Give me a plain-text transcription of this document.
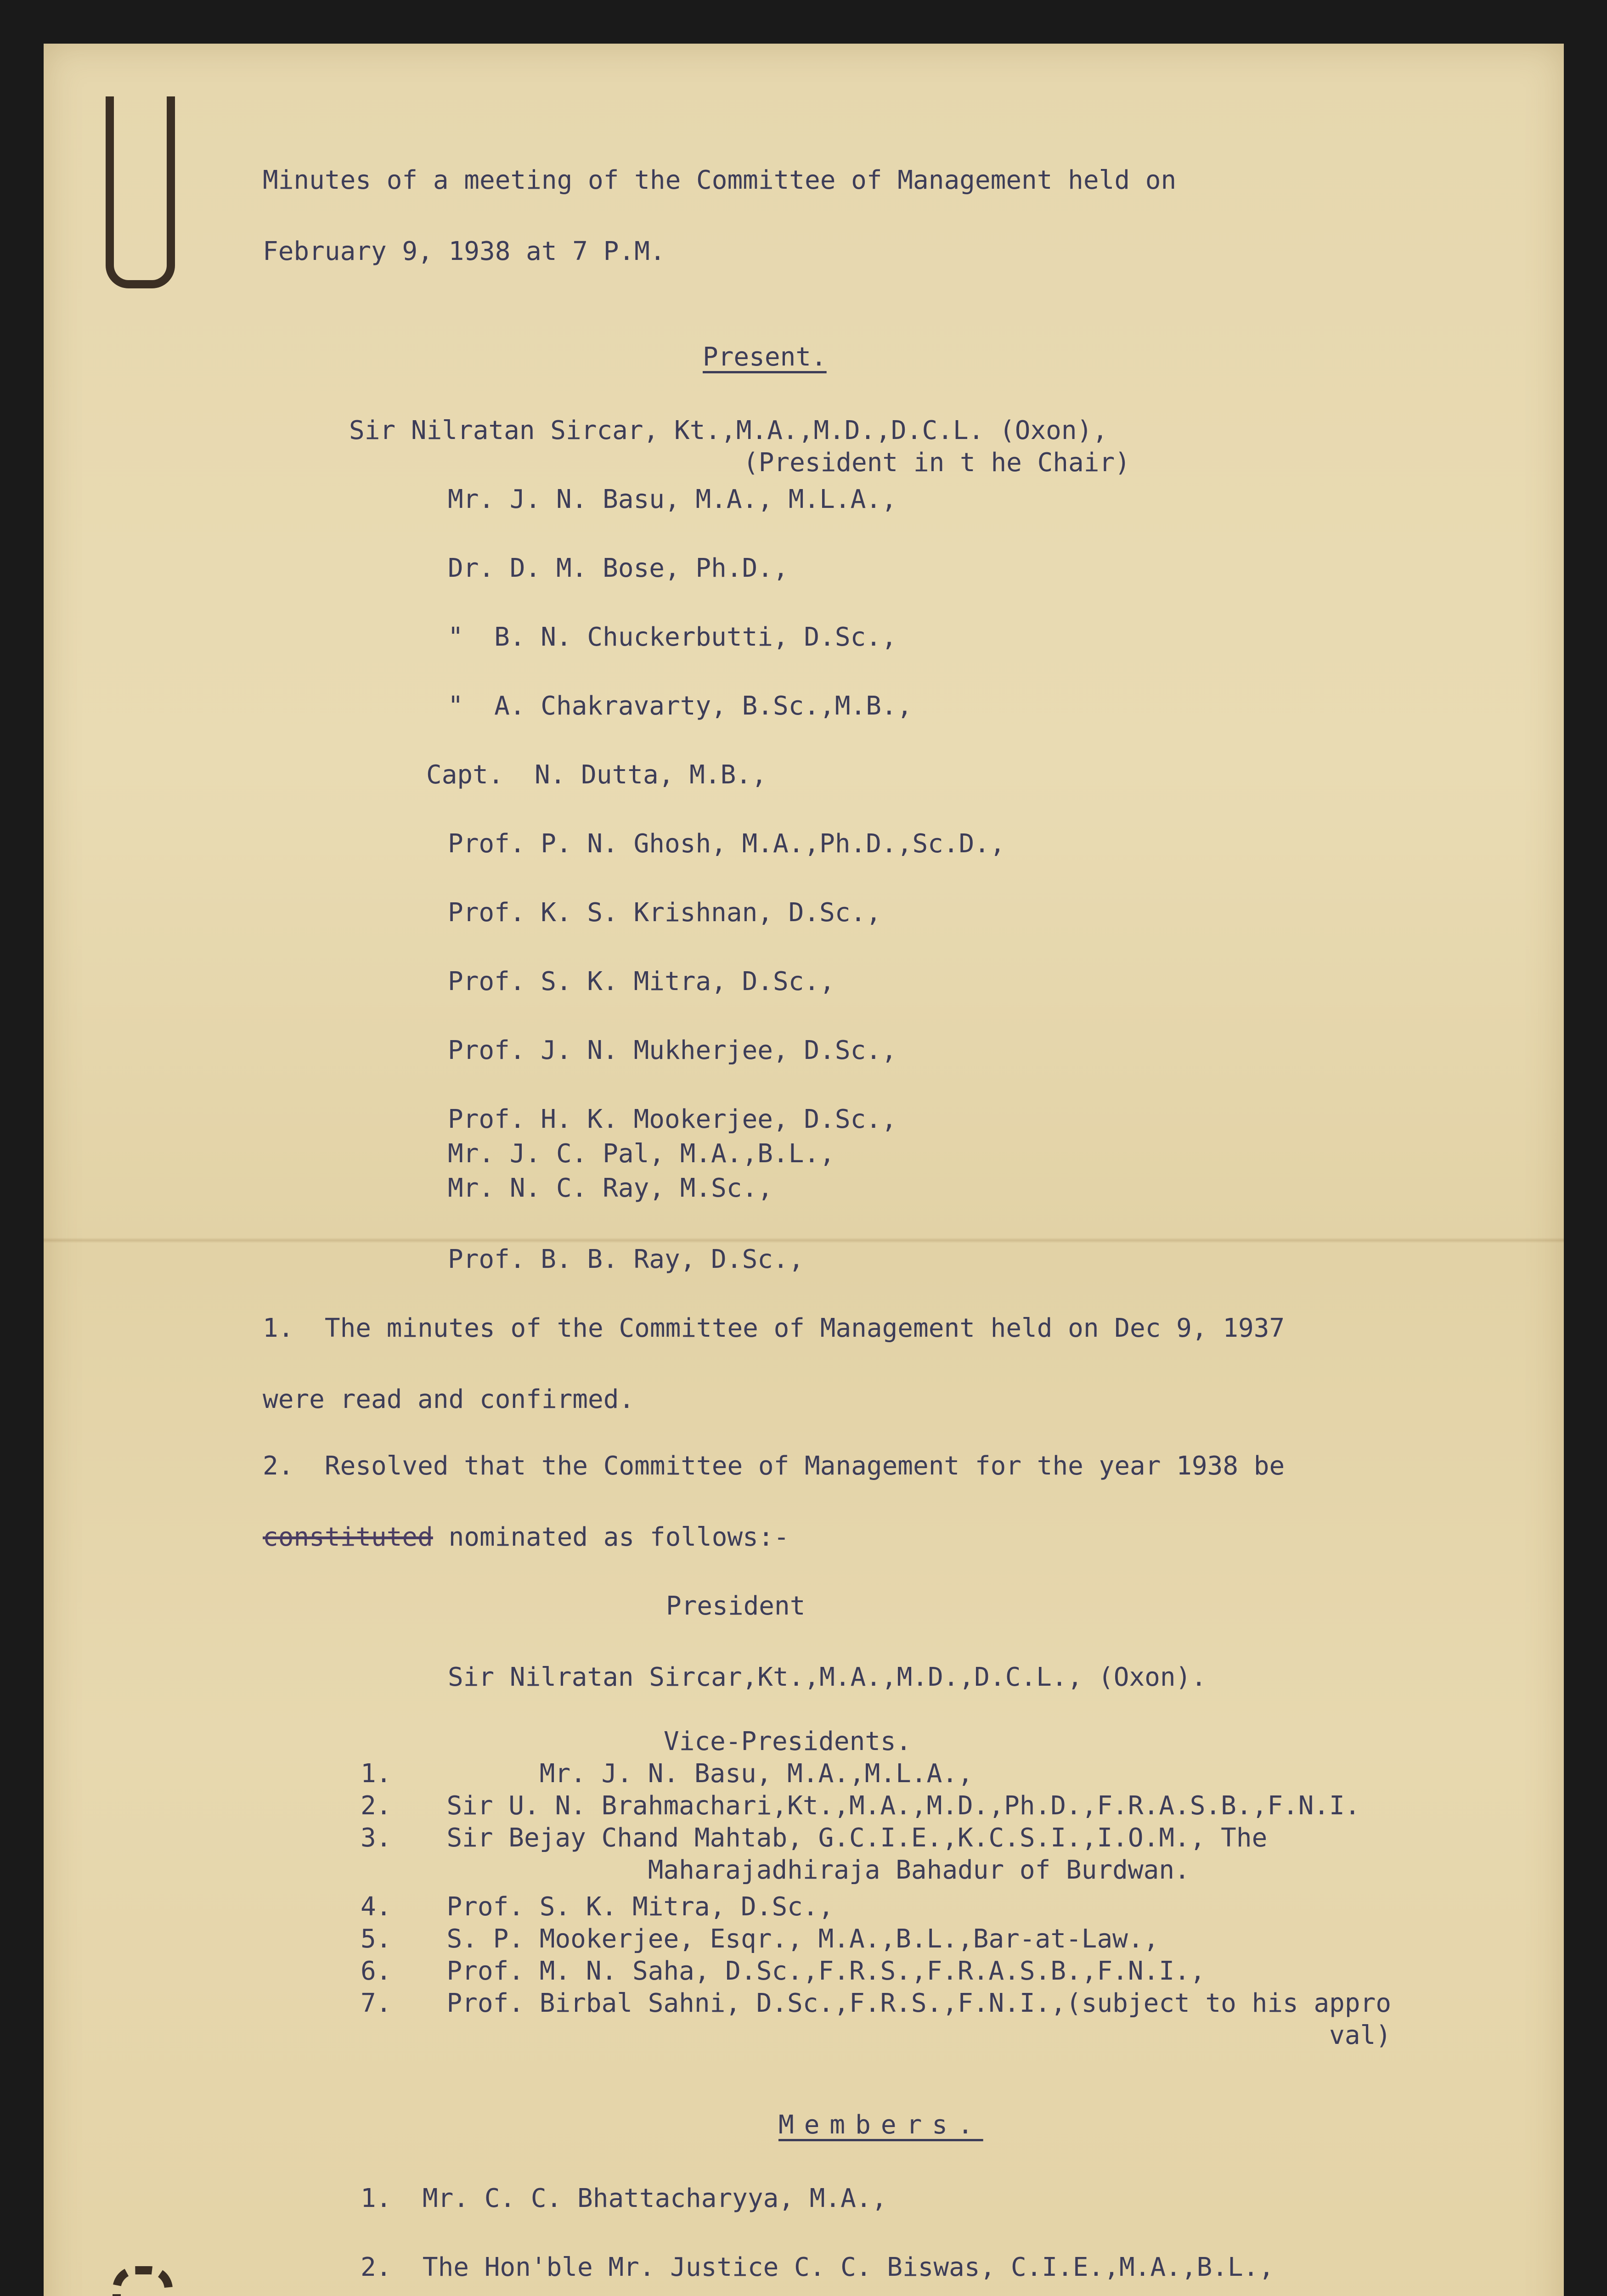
Minutes of a meeting of the Committee of Management held on

February 9, 1938 at 7 P.M.

Present.

Sir Nilratan Sircar, Kt.,M.A.,M.D.,D.C.L. (Oxon),

(President in t he Chair)

Mr. J. N. Basu, M.A., M.L.A.,

Dr. D. M. Bose, Ph.D.,

"  B. N. Chuckerbutti, D.Sc.,

"  A. Chakravarty, B.Sc.,M.B.,

Capt.  N. Dutta, M.B.,

Prof. P. N. Ghosh, M.A.,Ph.D.,Sc.D.,

Prof. K. S. Krishnan, D.Sc.,

Prof. S. K. Mitra, D.Sc.,

Prof. J. N. Mukherjee, D.Sc.,

Prof. H. K. Mookerjee, D.Sc.,

Mr. J. C. Pal, M.A.,B.L.,

Mr. N. C. Ray, M.Sc.,

Prof. B. B. Ray, D.Sc.,

1.  The minutes of the Committee of Management held on Dec 9, 1937

were read and confirmed.

2.  Resolved that the Committee of Management for the year 1938 be

constituted nominated as follows:-

President

Sir Nilratan Sircar,Kt.,M.A.,M.D.,D.C.L., (Oxon).

Vice-Presidents.

1.        Mr. J. N. Basu, M.A.,M.L.A.,

2. Sir U. N. Brahmachari,Kt.,M.A.,M.D.,Ph.D.,F.R.A.S.B.,F.N.I.

3. Sir Bejay Chand Mahtab, G.C.I.E.,K.C.S.I.,I.O.M., The

Maharajadhiraja Bahadur of Burdwan.

4. Prof. S. K. Mitra, D.Sc.,

5. S. P. Mookerjee, Esqr., M.A.,B.L.,Bar-at-Law.,

6. Prof. M. N. Saha, D.Sc.,F.R.S.,F.R.A.S.B.,F.N.I.,

7. Prof. Birbal Sahni, D.Sc.,F.R.S.,F.N.I.,(subject to his appro

val)

Members.

1.  Mr. C. C. Bhattacharyya, M.A.,

2.  The Hon'ble Mr. Justice C. C. Biswas, C.I.E.,M.A.,B.L.,
